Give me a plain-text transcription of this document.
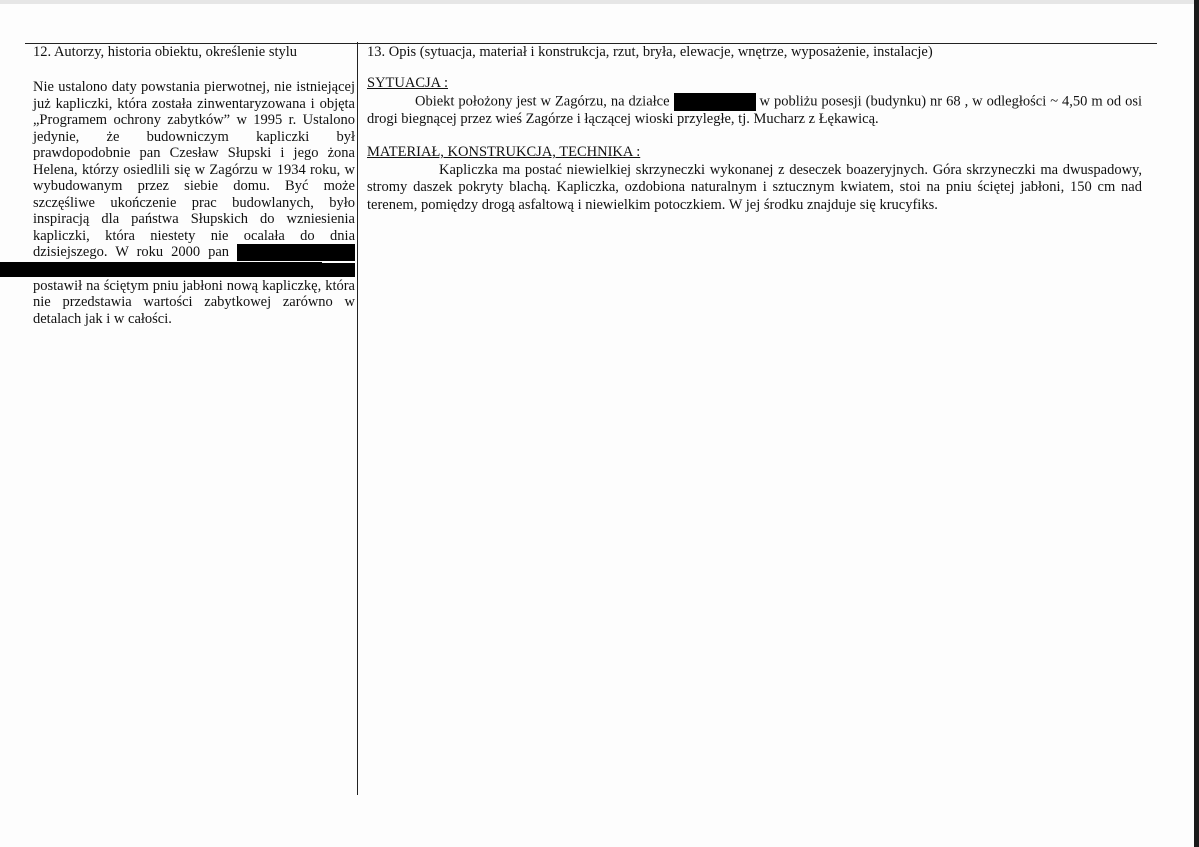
12. Autorzy, historia obiektu, określenie stylu	13. Opis (sytuacja, materiał i konstrukcja, rzut, bryła, elewacje, wnętrze, wyposażenie, instalacje)

Nie ustalono daty powstania pierwotnej, nie istniejącej już kapliczki, która została zinwentaryzowana i objęta „Programem ochrony zabytków” w 1995 r. Ustalono jedynie, że budowniczym kapliczki był prawdopodobnie pan Czesław Słupski i jego żona Helena, którzy osiedlili się w Zagórzu w 1934 roku, w wybudowanym przez siebie domu. Być może szczęśliwe ukończenie prac budowlanych, było inspiracją dla państwa Słupskich do wzniesienia kapliczki, która niestety nie ocalała do dnia dzisiejszego. W roku 2000 pan    postawił na ściętym pniu jabłoni nową kapliczkę, która nie przedstawia wartości zabytkowej zarówno w detalach jak i w całości.

SYTUACJA :

Obiekt położony jest w Zagórzu, na działce	w pobliżu posesji (budynku) nr 68 , w odległości ~ 4,50 m od osi drogi biegnącej przez wieś Zagórze i łączącej wioski przyległe, tj. Mucharz z Łękawicą.

MATERIAŁ, KONSTRUKCJA, TECHNIKA :

Kapliczka ma postać niewielkiej skrzyneczki wykonanej z deseczek boazeryjnych. Góra skrzyneczki ma dwuspadowy, stromy daszek pokryty blachą. Kapliczka, ozdobiona naturalnym i sztucznym kwiatem, stoi na pniu ściętej jabłoni, 150 cm nad terenem, pomiędzy drogą asfaltową i niewielkim potoczkiem. W jej środku znajduje się krucyfiks.
